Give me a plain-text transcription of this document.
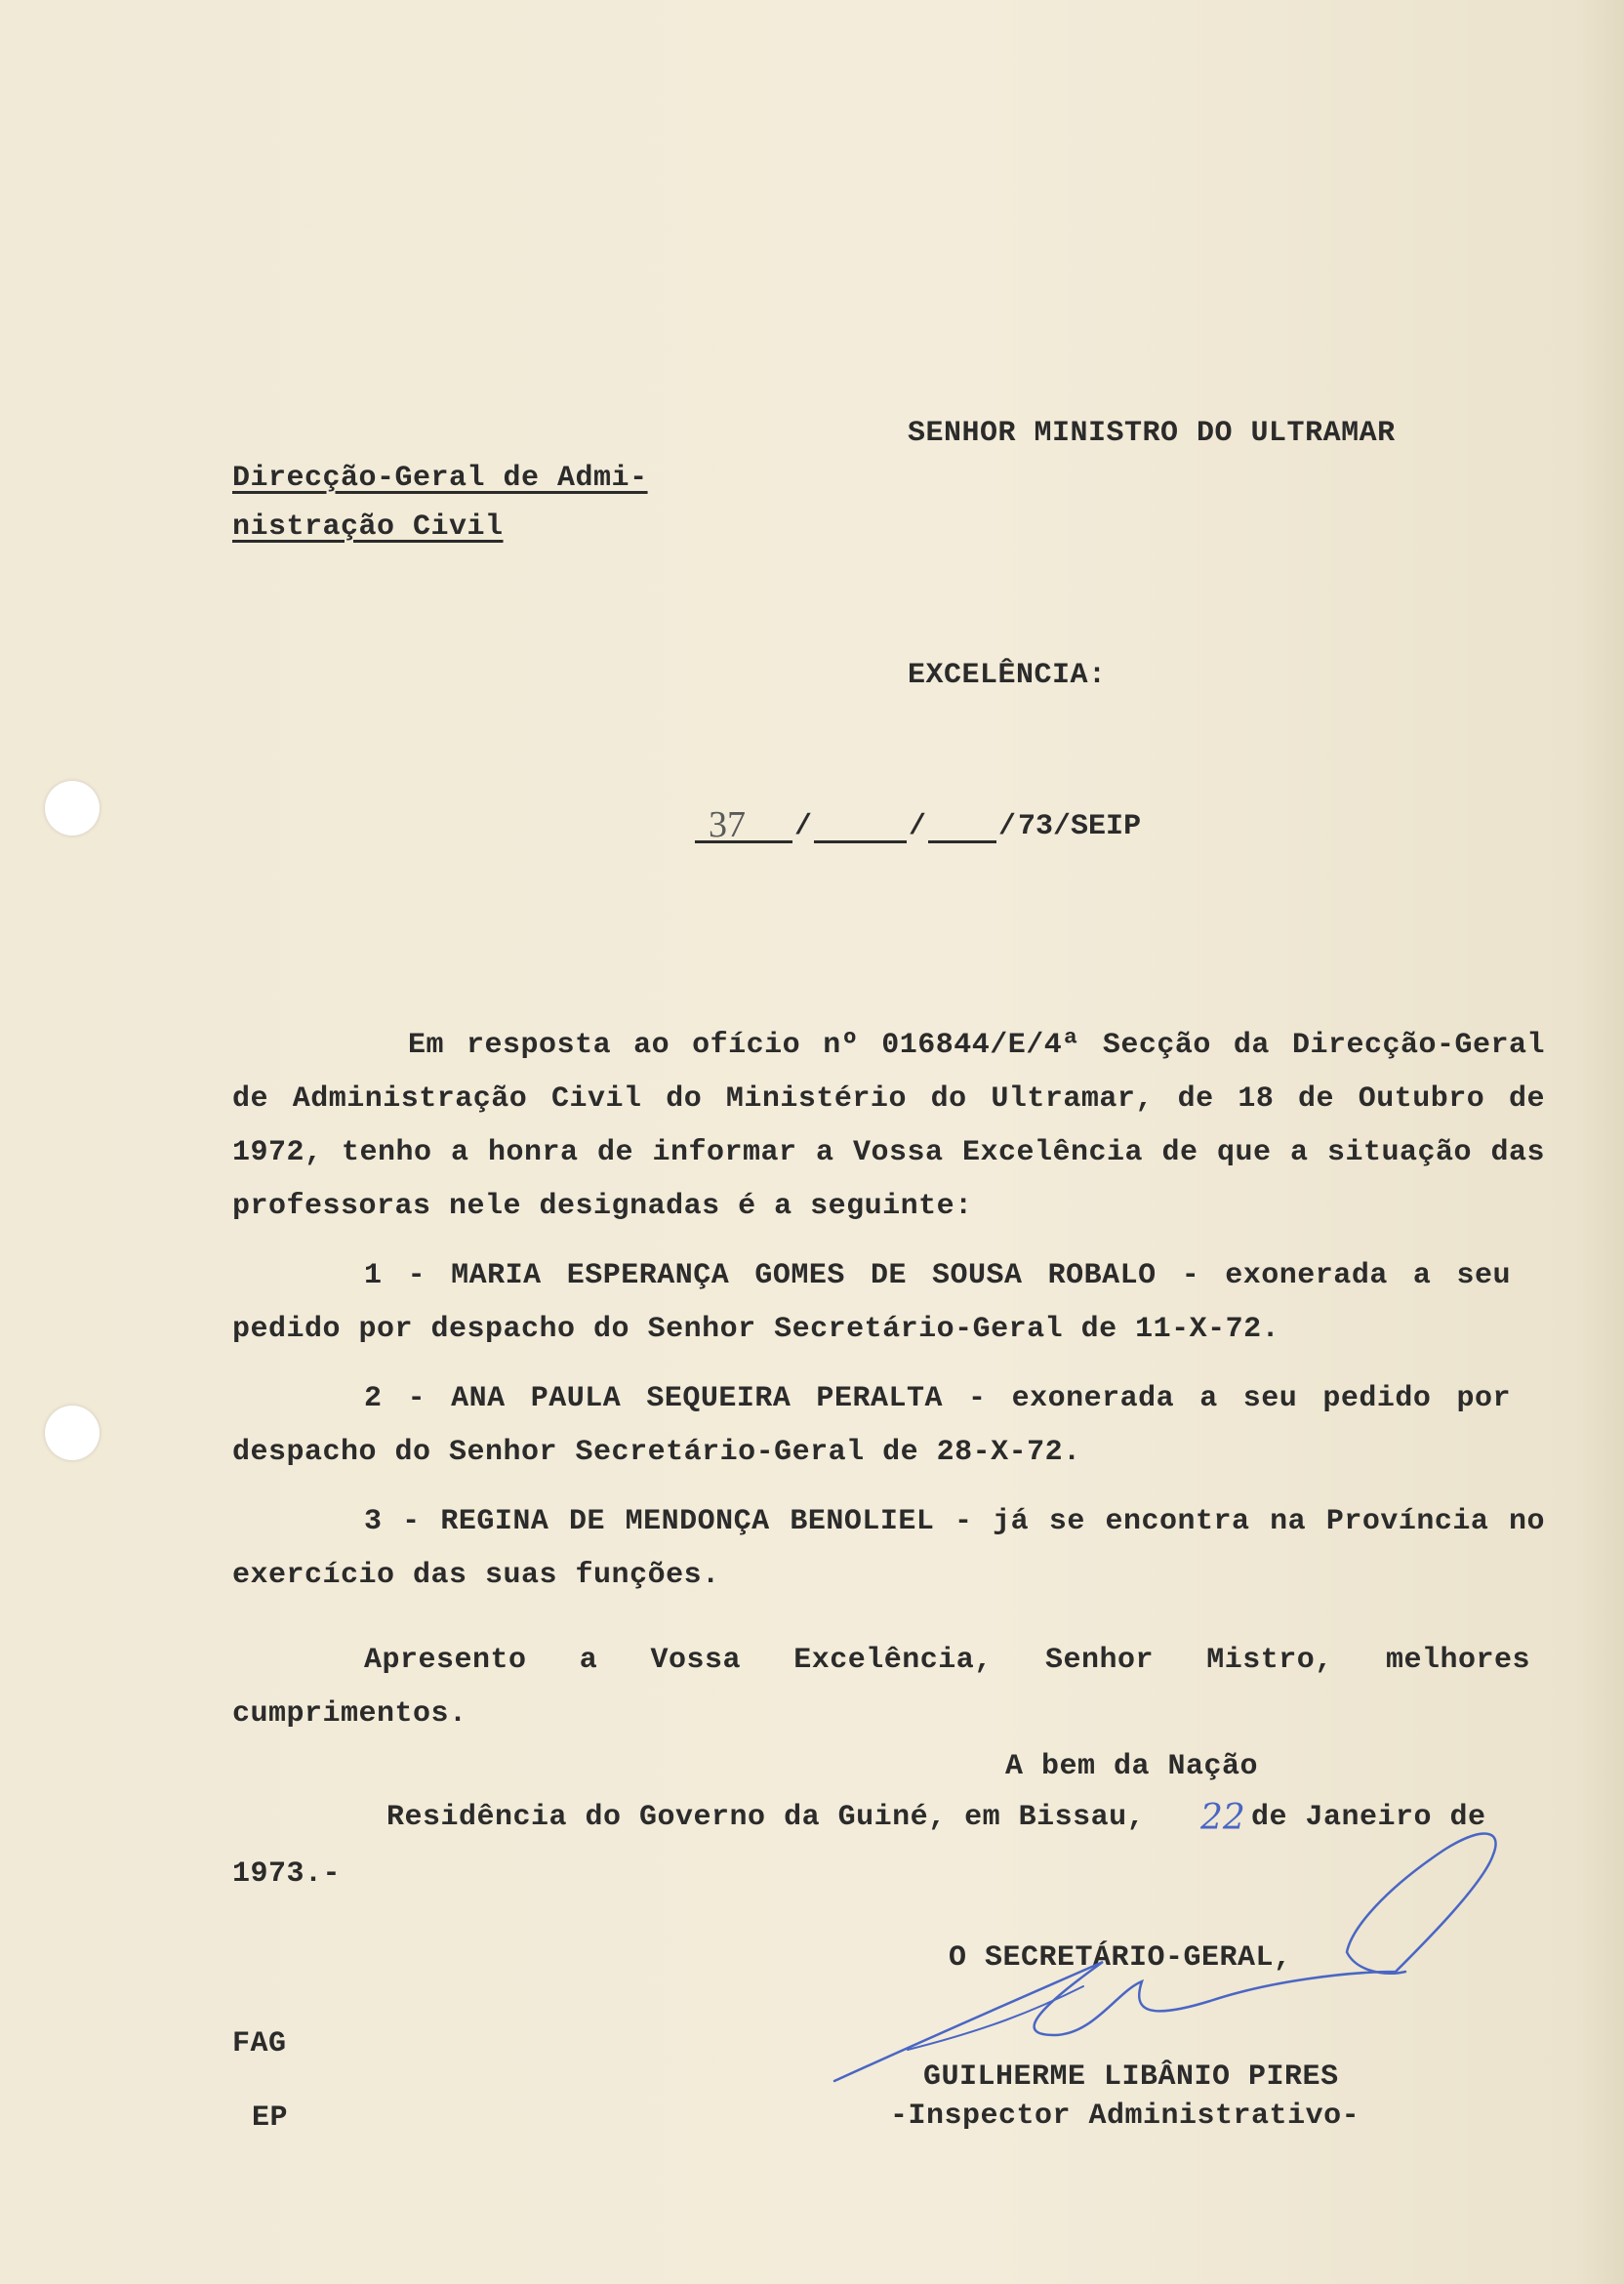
SENHOR MINISTRO DO ULTRAMAR
Direcção-Geral de Admi-
nistração Civil
EXCELÊNCIA:
37	/	/ / 73/SEIP
Em resposta ao ofício nº 016844/E/4ª Secção da Direcção-Geral de Administração Civil do Ministério do Ultramar, de 18 de Outubro de 1972, tenho a honra de informar a Vossa Excelência de que a situação das professoras nele designadas é a seguinte:
1 - MARIA ESPERANÇA GOMES DE SOUSA ROBALO - exonerada a seu pedido por despacho do Senhor Secretário-Geral de 11-X-72.
2 - ANA PAULA SEQUEIRA PERALTA - exonerada a seu pedido por despacho do Senhor Secretário-Geral de 28-X-72.
3 - REGINA DE MENDONÇA BENOLIEL - já se encontra na Província no exercício das suas funções.
Apresento a Vossa Excelência, Senhor Mistro, melhores cumprimentos.
A bem da Nação
Residência do Governo da Guiné, em Bissau, 22 de Janeiro de
1973.-
O SECRETÁRIO-GERAL,
FAG
EP
GUILHERME LIBÂNIO PIRES
-Inspector Administrativo-
